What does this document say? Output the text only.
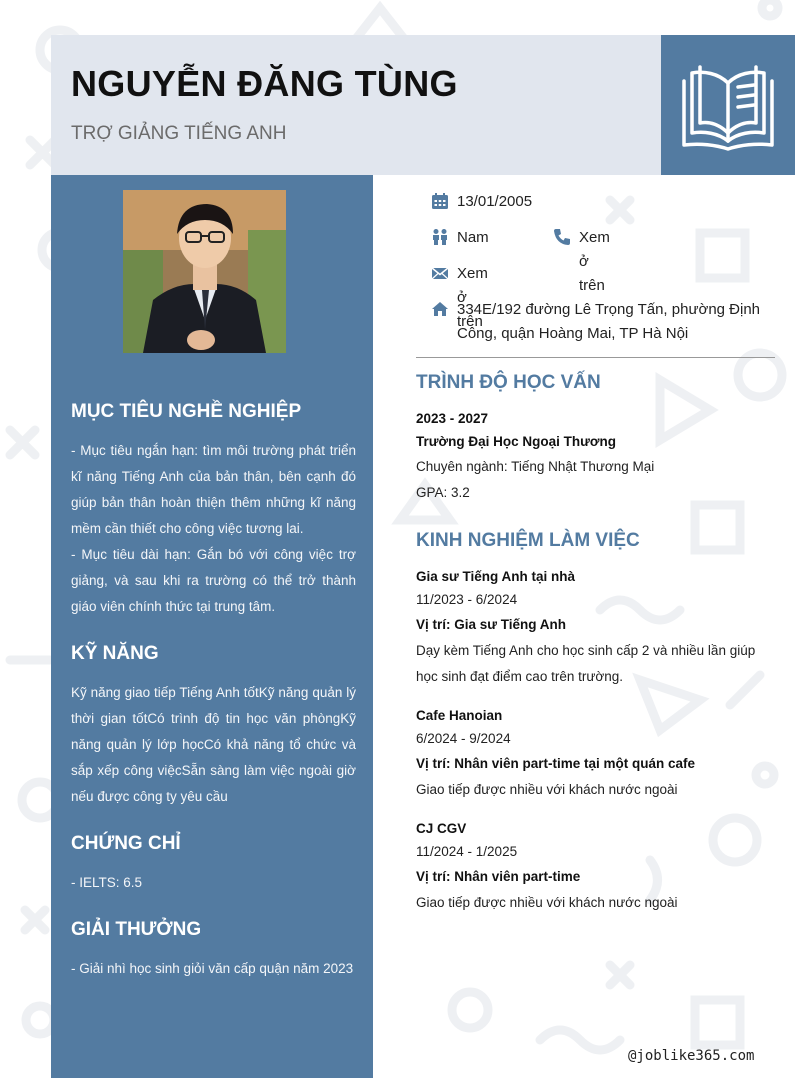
NGUYỄN ĐĂNG TÙNG

TRỢ GIẢNG TIẾNG ANH

MỤC TIÊU NGHỀ NGHIỆP

- Mục tiêu ngắn hạn: tìm môi trường phát triển kĩ năng Tiếng Anh của bản thân, bên cạnh đó giúp bản thân hoàn thiện thêm những kĩ năng mềm cần thiết cho công việc tương lai.

- Mục tiêu dài hạn: Gắn bó với công việc trợ giảng, và sau khi ra trường có thể trở thành giáo viên chính thức tại trung tâm.

KỸ NĂNG

Kỹ năng giao tiếp Tiếng Anh tốtKỹ năng quản lý thời gian tốtCó trình độ tin học văn phòngKỹ năng quản lý lớp họcCó khả năng tổ chức và sắp xếp công việcSẵn sàng làm việc ngoài giờ nếu được công ty yêu cầu

CHỨNG CHỈ

- IELTS: 6.5

GIẢI THƯỞNG

- Giải nhì học sinh giỏi văn cấp quận năm 2023

13/01/2005
Nam	Xem ở trên
Xem ở trên
334E/192 đường Lê Trọng Tấn, phường Định Công, quận Hoàng Mai, TP Hà Nội
TRÌNH ĐỘ HỌC VẤN

2023 - 2027

Trường Đại Học Ngoại Thương

Chuyên ngành: Tiếng Nhật Thương Mại

GPA: 3.2

KINH NGHIỆM LÀM VIỆC

Gia sư Tiếng Anh tại nhà

11/2023 - 6/2024

Vị trí: Gia sư Tiếng Anh

Dạy kèm Tiếng Anh cho học sinh cấp 2 và nhiều lần giúp học sinh đạt điểm cao trên trường.

Cafe Hanoian

6/2024 - 9/2024

Vị trí: Nhân viên part-time tại một quán cafe

Giao tiếp được nhiều với khách nước ngoài

CJ CGV

11/2024 - 1/2025

Vị trí: Nhân viên part-time

Giao tiếp được nhiều với khách nước ngoài

@joblike365.com
